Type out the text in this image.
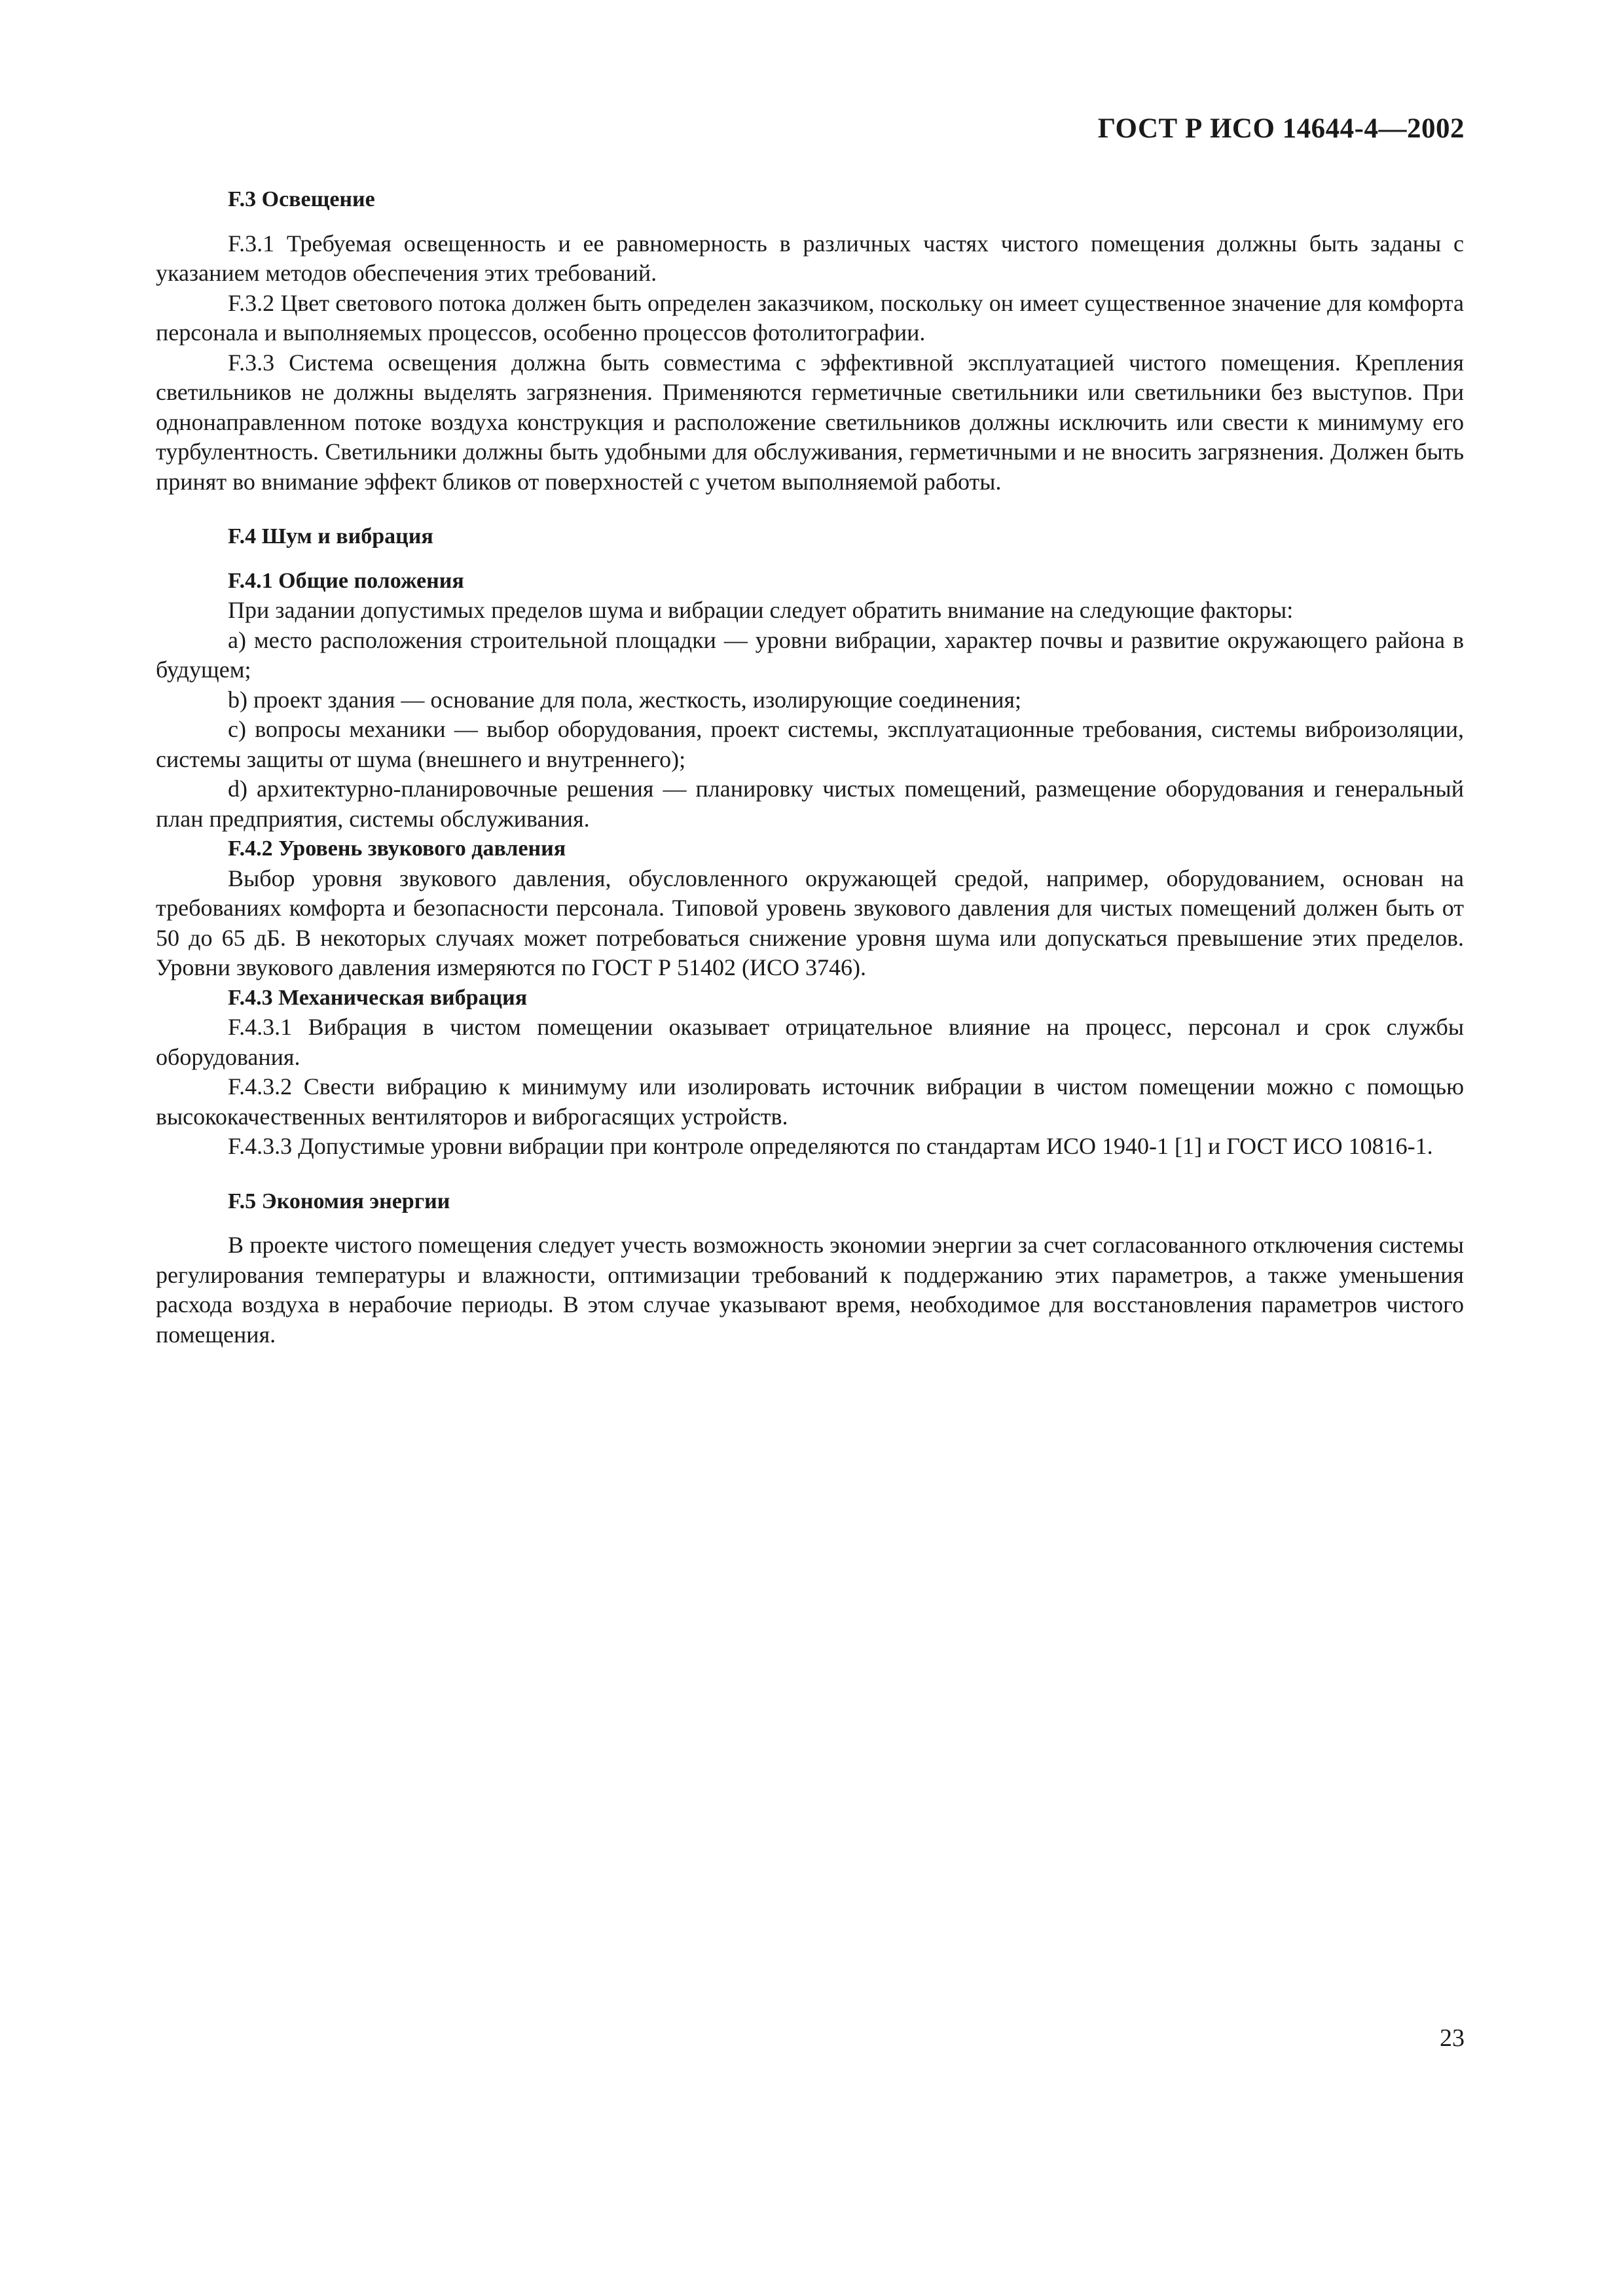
ГОСТ Р ИСО 14644-4—2002
F.3 Освещение

F.3.1 Требуемая освещенность и ее равномерность в различных частях чистого помещения должны быть заданы с указанием методов обеспечения этих требований.

F.3.2 Цвет светового потока должен быть определен заказчиком, поскольку он имеет существенное значение для комфорта персонала и выполняемых процессов, особенно процессов фотолитографии.

F.3.3 Система освещения должна быть совместима с эффективной эксплуатацией чистого помещения. Крепления светильников не должны выделять загрязнения. Применяются герметичные светильники или светильники без выступов. При однонаправленном потоке воздуха конструкция и расположение светильников должны исключить или свести к минимуму его турбулентность. Светильники должны быть удобными для обслуживания, герметичными и не вносить загрязнения. Должен быть принят во внимание эффект бликов от поверхностей с учетом выполняемой работы.

F.4 Шум и вибрация
F.4.1 Общие положения

При задании допустимых пределов шума и вибрации следует обратить внимание на следующие факторы:

a) место расположения строительной площадки — уровни вибрации, характер почвы и развитие окружающего района в будущем;

b) проект здания — основание для пола, жесткость, изолирующие соединения;

c) вопросы механики — выбор оборудования, проект системы, эксплуатационные требования, системы виброизоляции, системы защиты от шума (внешнего и внутреннего);

d) архитектурно-планировочные решения — планировку чистых помещений, размещение оборудования и генеральный план предприятия, системы обслуживания.

F.4.2 Уровень звукового давления

Выбор уровня звукового давления, обусловленного окружающей средой, например, оборудованием, основан на требованиях комфорта и безопасности персонала. Типовой уровень звукового давления для чистых помещений должен быть от 50 до 65 дБ. В некоторых случаях может потребоваться снижение уровня шума или допускаться превышение этих пределов. Уровни звукового давления измеряются по ГОСТ Р 51402 (ИСО 3746).

F.4.3 Механическая вибрация

F.4.3.1 Вибрация в чистом помещении оказывает отрицательное влияние на процесс, персонал и срок службы оборудования.

F.4.3.2 Свести вибрацию к минимуму или изолировать источник вибрации в чистом помещении можно с помощью высококачественных вентиляторов и виброгасящих устройств.

F.4.3.3 Допустимые уровни вибрации при контроле определяются по стандартам ИСО 1940-1 [1] и ГОСТ ИСО 10816-1.

F.5 Экономия энергии

В проекте чистого помещения следует учесть возможность экономии энергии за счет согласованного отключения системы регулирования температуры и влажности, оптимизации требований к поддержанию этих параметров, а также уменьшения расхода воздуха в нерабочие периоды. В этом случае указывают время, необходимое для восстановления параметров чистого помещения.

23
